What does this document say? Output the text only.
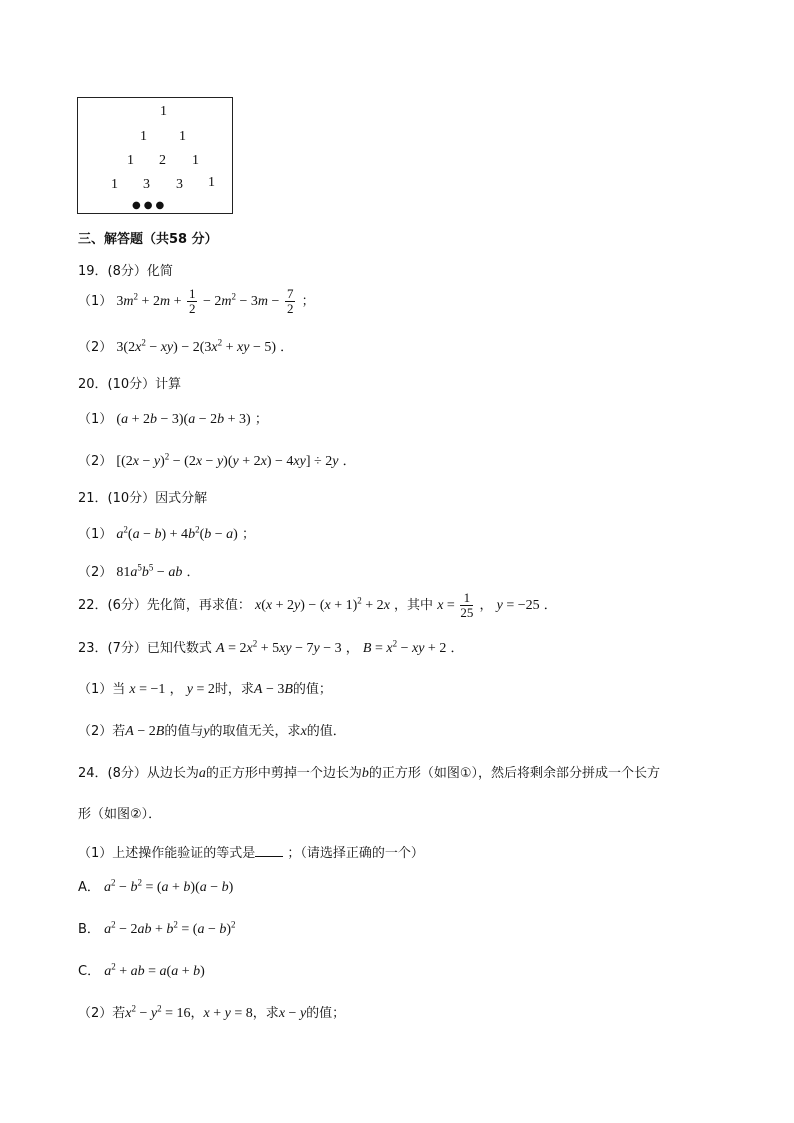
1
1 1
1 2 1
1 3 3 1
●●●
三、解答题（共58 分）
19．(8分）化简
（1） $3m^2 + 2m + \frac{1}{2} - 2m^2 - 3m - \frac{7}{2}$ ；
（2） $3(2x^2 - xy) - 2(3x^2$ + xy − 5) ．
20．(10分）计算
（1） (a + 2b − 3)(a − 2b + 3) ；
（2） $[(2x - y)^2 - (2x - y)(y + 2x) - 4xy] \div 2y$ ．
21．(10分）因式分解
（1） $a^2(a - b) + 4b^2(b - a)$ ；
（2） $81a^5b^5$ − ab ．
22．(6分）先化简，再求值： $x(x + 2y) - (x + 1)^2 + 2x$ ，其中 $x = \frac{1}{25}$ ， y = −25 ．
23．(7分）已知代数式 $A = 2x^2 + 5xy - 7y - 3$ ， $B = x^2$ − xy + 2 ．
（1）当 x = −1 ， y = 2时，求A − 3B的值；
（2）若A − 2B的值与y的取值无关，求x的值．
24．(8分）从边长为a的正方形中剪掉一个边长为b的正方形（如图①），然后将剩余部分拼成一个长方
形（如图②）．
（1）上述操作能验证的等式是 ；（请选择正确的一个）
A． $a^2 - b^2 = (a + b)(a - b)$
B． $a^2 - 2ab + b^2 = (a - b)^2$
C． $a^2$ + ab = a(a + b)
（2）若$x^2 - y^2 = 16$，x + y = 8，求x − y的值；
